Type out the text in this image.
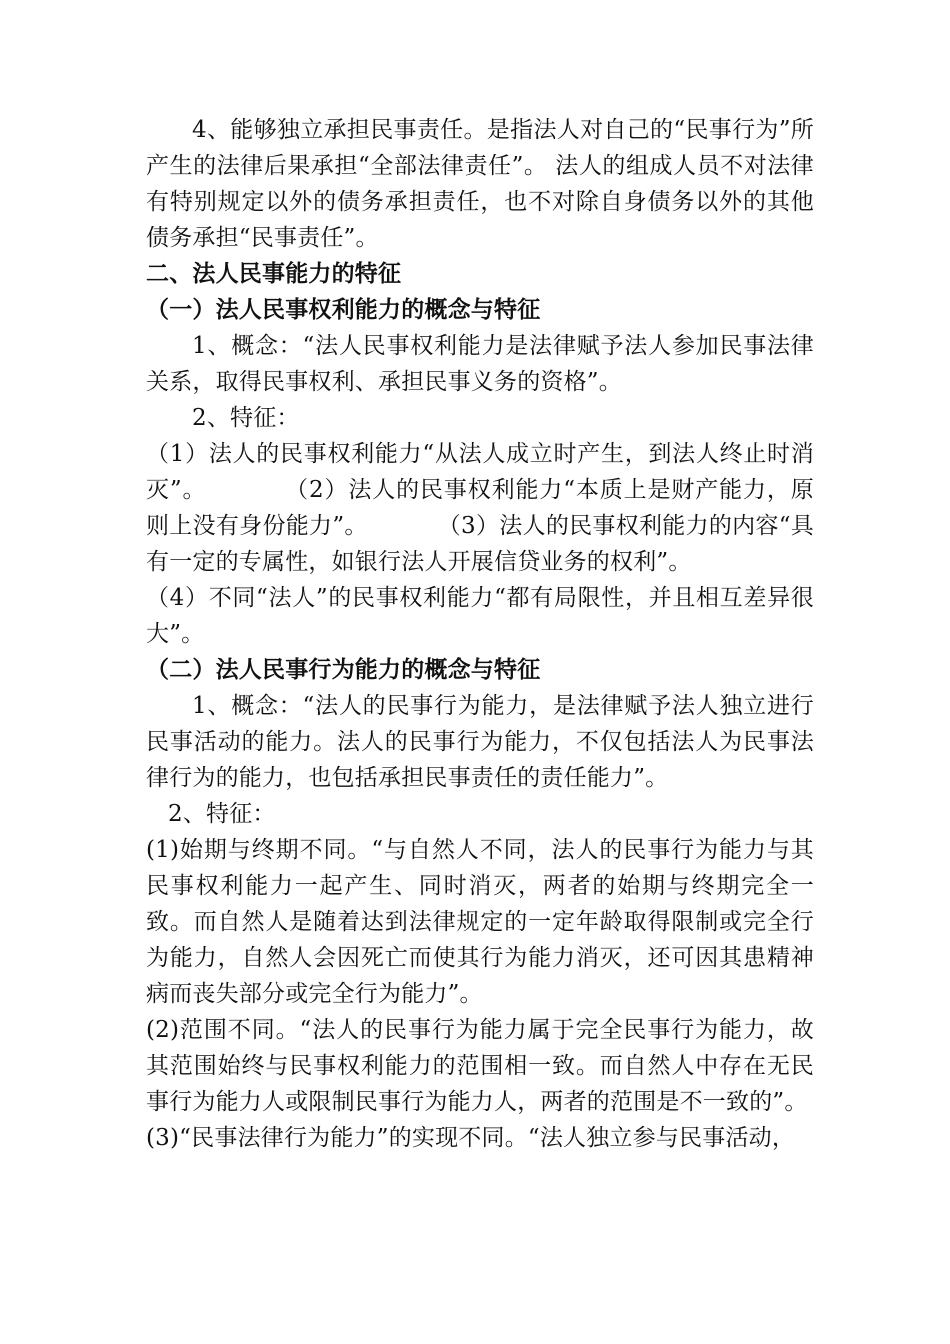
4、能够独立承担民事责任。是指法人对自己的“民事行为”所产生的法律后果承担“全部法律责任”。 法人的组成人员不对法律有特别规定以外的债务承担责任，也不对除自身债务以外的其他债务承担“民事责任”。

二、法人民事能力的特征

（一）法人民事权利能力的概念与特征

1、概念：“法人民事权利能力是法律赋予法人参加民事法律关系，取得民事权利、承担民事义务的资格”。

2、特征：

（1）法人的民事权利能力“从法人成立时产生，到法人终止时消灭”。	（2）法人的民事权利能力“本质上是财产能力，原则上没有身份能力”。	（3）法人的民事权利能力的内容“具有一定的专属性，如银行法人开展信贷业务的权利”。

（4）不同“法人”的民事权利能力“都有局限性，并且相互差异很大”。

（二）法人民事行为能力的概念与特征

1、概念：“法人的民事行为能力，是法律赋予法人独立进行民事活动的能力。法人的民事行为能力，不仅包括法人为民事法律行为的能力，也包括承担民事责任的责任能力”。

2、特征：

(1)始期与终期不同。“与自然人不同，法人的民事行为能力与其民事权利能力一起产生、同时消灭，两者的始期与终期完全一致。而自然人是随着达到法律规定的一定年龄取得限制或完全行为能力，自然人会因死亡而使其行为能力消灭，还可因其患精神病而丧失部分或完全行为能力”。

(2)范围不同。“法人的民事行为能力属于完全民事行为能力，故其范围始终与民事权利能力的范围相一致。而自然人中存在无民事行为能力人或限制民事行为能力人，两者的范围是不一致的”。

(3)“民事法律行为能力”的实现不同。“法人独立参与民事活动，
